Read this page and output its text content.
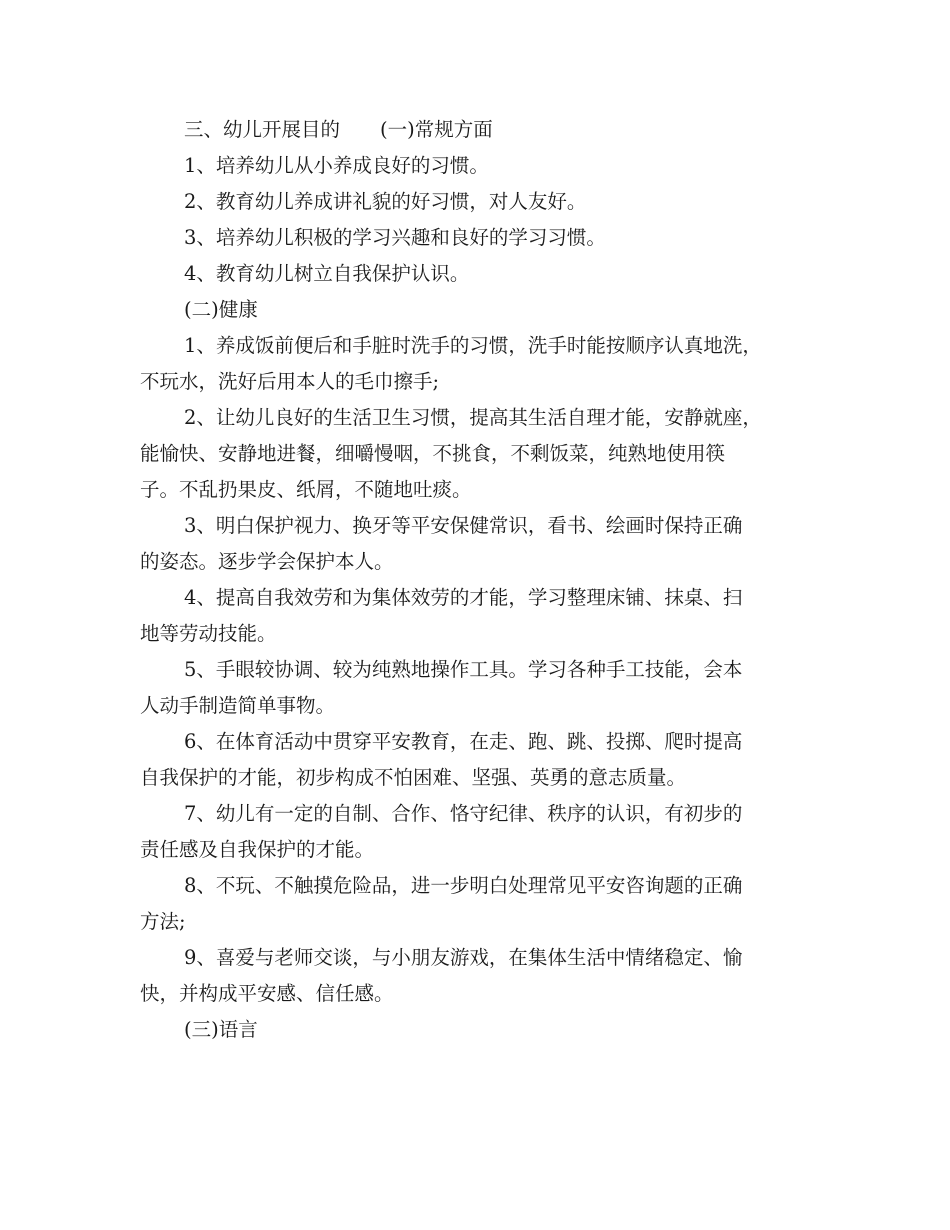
三、幼儿开展目的 (一)常规方面

1、培养幼儿从小养成良好的习惯。

2、教育幼儿养成讲礼貌的好习惯，对人友好。

3、培养幼儿积极的学习兴趣和良好的学习习惯。

4、教育幼儿树立自我保护认识。

(二)健康

1、养成饭前便后和手脏时洗手的习惯，洗手时能按顺序认真地洗，

不玩水，洗好后用本人的毛巾擦手;

2、让幼儿良好的生活卫生习惯，提高其生活自理才能，安静就座，

能愉快、安静地进餐，细嚼慢咽，不挑食，不剩饭菜，纯熟地使用筷

子。不乱扔果皮、纸屑，不随地吐痰。

3、明白保护视力、换牙等平安保健常识，看书、绘画时保持正确

的姿态。逐步学会保护本人。

4、提高自我效劳和为集体效劳的才能，学习整理床铺、抹桌、扫

地等劳动技能。

5、手眼较协调、较为纯熟地操作工具。学习各种手工技能，会本

人动手制造简单事物。

6、在体育活动中贯穿平安教育，在走、跑、跳、投掷、爬时提高

自我保护的才能，初步构成不怕困难、坚强、英勇的意志质量。

7、幼儿有一定的自制、合作、恪守纪律、秩序的认识，有初步的

责任感及自我保护的才能。

8、不玩、不触摸危险品，进一步明白处理常见平安咨询题的正确

方法;

9、喜爱与老师交谈，与小朋友游戏，在集体生活中情绪稳定、愉

快，并构成平安感、信任感。

(三)语言
